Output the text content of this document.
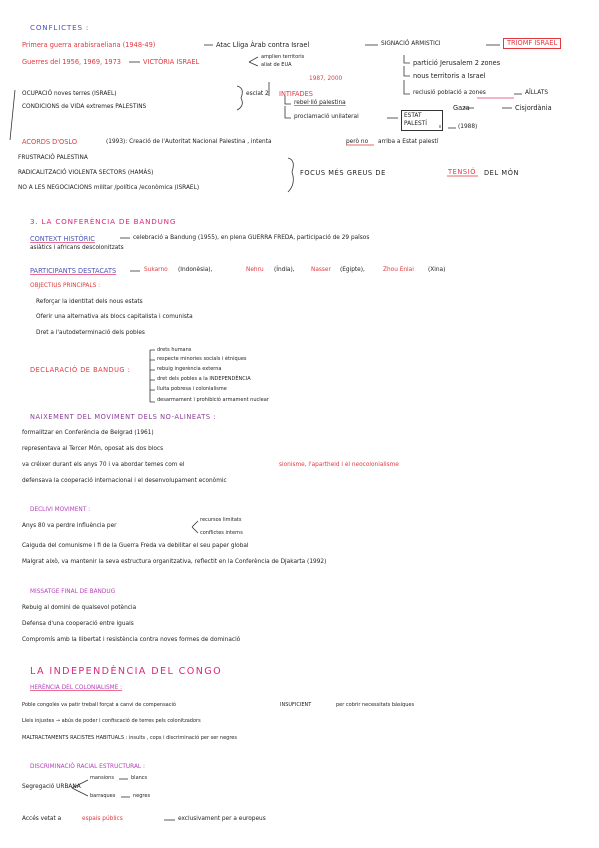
CONFLICTES :
Primera guerra arabisraeliana (1948-49)	Atac Lliga Àrab contra Israel	SIGNACIÓ ARMISTICI	TRIOMF ISRAEL
Guerres del 1956, 1969, 1973	VICTÒRIA ISRAEL
amplien territoris
aliat de EUA	partició Jerusalem 2 zones
nous territoris a Israel
1987, 2000
OCUPACIÓ noves terres (ISRAEL)	esclat 2 INTIFADES	reclusió població a zones	AÏLLATS
CONDICIONS de VIDA extremes PALESTINS
rebel·lió palestina
Gaza	Cisjordània
proclamació unilateral	ESTAT PALESTÍ
(1988)
ACORDS D'OSLO	(1993): Creació de l'Autoritat Nacional Palestina , intenta	però no arriba a Estat palestí
FRUSTRACIÓ PALESTINA
RADICALITZACIÓ VIOLENTA SECTORS (HAMÀS)
NO A LES NEGOCIACIONS militar /política /econòmica (ISRAEL)
FOCUS MÉS GREUS DE	TENSIÓ DEL MÓN
3. LA CONFERÈNCIA DE BANDUNG
CONTEXT HISTÒRIC	celebració a Bandung (1955), en plena GUERRA FREDA, participació de 29 països
asiàtics i africans descolonitzats
PARTICIPANTS DESTACATS	Sukarno (Indonèsia),	Nehru (Índia),	Nasser (Egipte),	Zhou Enlai (Xina)
OBJECTIUS PRINCIPALS :
Reforçar la identitat dels nous estats
Oferir una alternativa als blocs capitalista i comunista
Dret a l'autodeterminació dels pobles
DECLARACIÓ DE BANDUG :
drets humans
respecte minories socials i ètniques
rebuig ingerència externa
dret dels pobles a la INDEPENDÈNCIA
lluita pobresa i colonialisme
desarmament i prohibició armament nuclear
NAIXEMENT DEL MOVIMENT DELS NO-ALINEATS :
formalitzar en Conferència de Belgrad (1961)
representava al Tercer Món, oposat als dos blocs
va créixer durant els anys 70 i va abordar temes com el	sionisme, l'apartheid i el neocolonialisme
defensava la cooperació internacional i el desenvolupament econòmic
DECLIVI MOVIMENT :
Anys 80 va perdre influència per
recursos limitats
conflictes interns
Caiguda del comunisme i fi de la Guerra Freda va debilitar el seu paper global
Malgrat això, va mantenir la seva estructura organitzativa, reflectit en la Conferència de Djakarta (1992)
MISSATGE FINAL DE BANDUG
Rebuig al domini de qualsevol potència
Defensa d'una cooperació entre iguals
Compromís amb la llibertat i resistència contra noves formes de dominació
LA INDEPENDÈNCIA DEL CONGO
HERÈNCIA DEL COLONIALISME :
Poble congolès va patir treball forçat a canvi de compensació	INSUFICIENT	per cobrir necessitats bàsiques
Lleis injustes → abús de poder i confiscació de terres pels colonitzadors
MALTRACTAMENTS RACISTES HABITUALS : insults , cops i discriminació per ser negres
DISCRIMINACIÓ RACIAL ESTRUCTURAL :
Segregació URBANA
mansions	blancs
barraques	negres
Accés vetat a	espais públics	exclusivament per a europeus
